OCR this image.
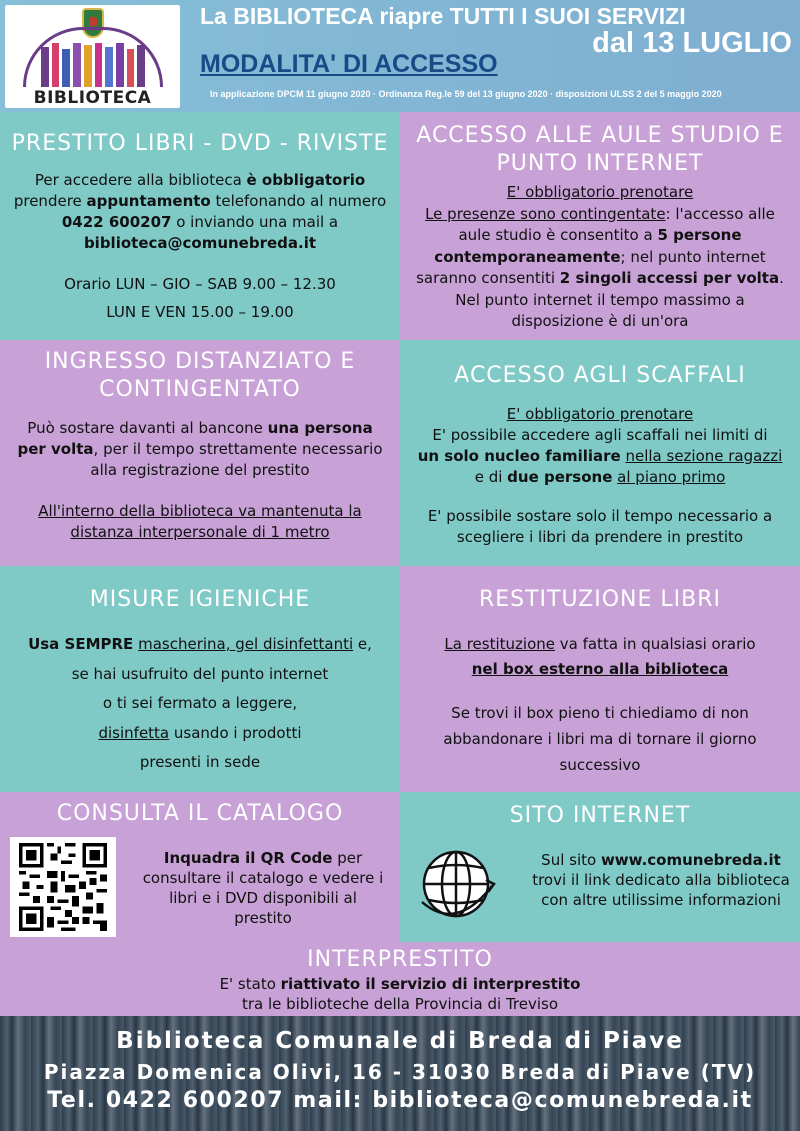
BIBLIOTECA
La BIBLIOTECA riapre TUTTI I SUOI SERVIZI
dal 13 LUGLIO
MODALITA' DI ACCESSO
In applicazione DPCM 11 giugno 2020 · Ordinanza Reg.le 59 del 13 giugno 2020 · disposizioni ULSS 2 del 5 maggio 2020
PRESTITO LIBRI - DVD - RIVISTE

Per accedere alla biblioteca è obbligatorio
prendere appuntamento telefonando al numero
0422 600207 o inviando una mail a
biblioteca@comunebreda.it

Orario LUN – GIO – SAB 9.00 – 12.30
LUN E VEN 15.00 – 19.00

ACCESSO ALLE AULE STUDIO E PUNTO INTERNET

E' obbligatorio prenotare
Le presenze sono contingentate: l'accesso alle
aule studio è consentito a 5 persone
contemporaneamente; nel punto internet
saranno consentiti 2 singoli accessi per volta.
Nel punto internet il tempo massimo a
disposizione è di un'ora

INGRESSO DISTANZIATO E CONTINGENTATO

Può sostare davanti al bancone una persona per volta, per il tempo strettamente necessario alla registrazione del prestito

All'interno della biblioteca va mantenuta la distanza interpersonale di 1 metro

ACCESSO AGLI SCAFFALI

E' obbligatorio prenotare
E' possibile accedere agli scaffali nei limiti di
un solo nucleo familiare nella sezione ragazzi
e di due persone al piano primo

E' possibile sostare solo il tempo necessario a scegliere i libri da prendere in prestito

MISURE IGIENICHE

Usa SEMPRE mascherina, gel disinfettanti e,
se hai usufruito del punto internet
o ti sei fermato a leggere,
disinfetta usando i prodotti
presenti in sede

RESTITUZIONE LIBRI

La restituzione va fatta in qualsiasi orario
nel box esterno alla biblioteca

Se trovi il box pieno ti chiediamo di non abbandonare i libri ma di tornare il giorno successivo

CONSULTA IL CATALOGO

Inquadra il QR Code per consultare il catalogo e vedere i libri e i DVD disponibili al prestito

SITO INTERNET

Sul sito www.comunebreda.it trovi il link dedicato alla biblioteca con altre utilissime informazioni

INTERPRESTITO

E' stato riattivato il servizio di interprestito
tra le biblioteche della Provincia di Treviso

Biblioteca Comunale di Breda di Piave
Piazza Domenica Olivi, 16 - 31030 Breda di Piave (TV)
Tel. 0422 600207 mail: biblioteca@comunebreda.it
